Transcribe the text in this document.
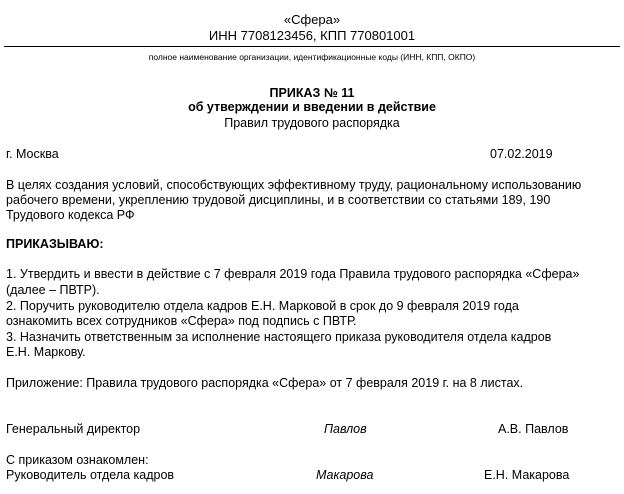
«Сфера»
ИНН 7708123456, КПП 770801001
полное наименование организации, идентификационные коды (ИНН, КПП, ОКПО)
ПРИКАЗ № 11
об утверждении и введении в действие
Правил трудового распорядка
г. Москва	07.02.2019
В целях создания условий, способствующих эффективному труду, рациональному использованию
рабочего времени, укреплению трудовой дисциплины, и в соответствии со статьями 189, 190
Трудового кодекса РФ
ПРИКАЗЫВАЮ:
1. Утвердить и ввести в действие с 7 февраля 2019 года Правила трудового распорядка «Сфера»
(далее – ПВТР).
2. Поручить руководителю отдела кадров Е.Н. Марковой в срок до 9 февраля 2019 года
ознакомить всех сотрудников «Сфера» под подпись с ПВТР.
3. Назначить ответственным за исполнение настоящего приказа руководителя отдела кадров
Е.Н. Маркову.
Приложение: Правила трудового распорядка «Сфера» от 7 февраля 2019 г. на 8 листах.
Генеральный директор	Павлов	А.В. Павлов
С приказом ознакомлен:
Руководитель отдела кадров	Макарова	Е.Н. Макарова
